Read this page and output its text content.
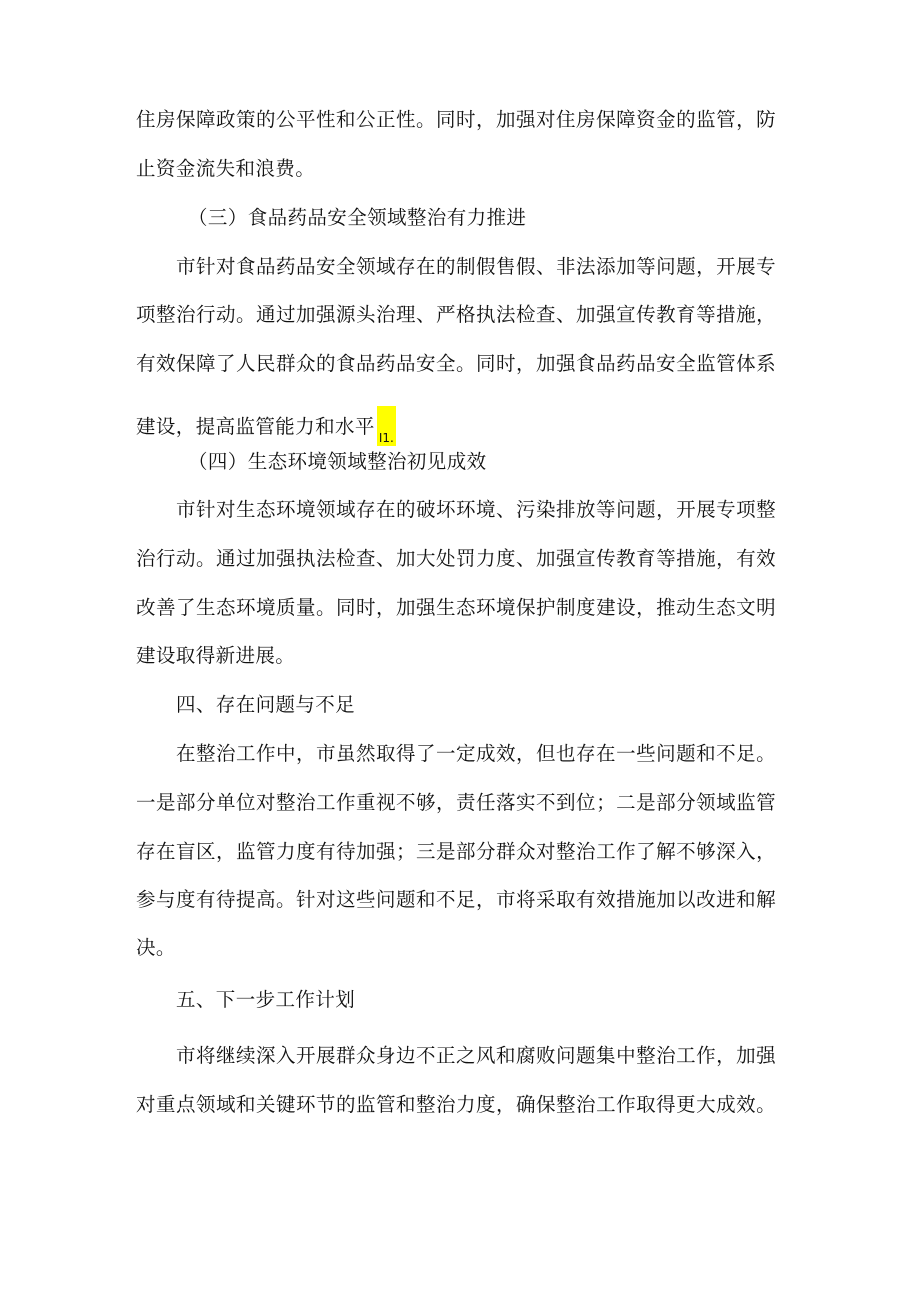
住房保障政策的公平性和公正性。同时，加强对住房保障资金的监管，防
止资金流失和浪费。
（三）食品药品安全领域整治有力推进
市针对食品药品安全领域存在的制假售假、非法添加等问题，开展专
项整治行动。通过加强源头治理、严格执法检查、加强宣传教育等措施，
有效保障了人民群众的食品药品安全。同时，加强食品药品安全监管体系
建设，提高监管能力和水平 I1.
（四）生态环境领域整治初见成效
市针对生态环境领域存在的破坏环境、污染排放等问题，开展专项整
治行动。通过加强执法检查、加大处罚力度、加强宣传教育等措施，有效
改善了生态环境质量。同时，加强生态环境保护制度建设，推动生态文明
建设取得新进展。
四、存在问题与不足
在整治工作中，市虽然取得了一定成效，但也存在一些问题和不足。
一是部分单位对整治工作重视不够，责任落实不到位；二是部分领域监管
存在盲区，监管力度有待加强；三是部分群众对整治工作了解不够深入，
参与度有待提高。针对这些问题和不足，市将采取有效措施加以改进和解
决。
五、下一步工作计划
市将继续深入开展群众身边不正之风和腐败问题集中整治工作，加强
对重点领域和关键环节的监管和整治力度，确保整治工作取得更大成效。
